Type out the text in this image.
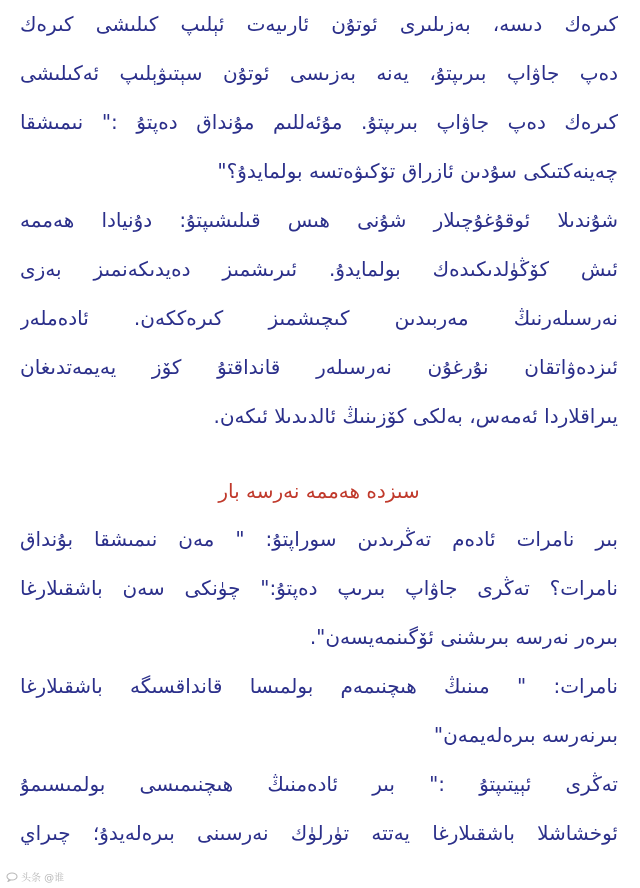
كىرەك دىسە، بەزىلىرى ئوتۇن ئارىيەت ئېلىپ كىلىشى كىرەك
دەپ جاۋاپ بىرىپتۇ، يەنە بەزىسى ئوتۇن سېتىۋېلىپ ئەكىلىشى
كىرەك دەپ جاۋاپ بىرىپتۇ. مۇئەللىم مۇنداق دەپتۇ :" نىمىشقا
چەينەكتىكى سۇدىن ئازراق تۆكىۋەتسە بولمايدۇ؟"
شۇندىلا ئوقۇغۇچىلار شۇنى ھىس قىلىشىپتۇ: دۇنيادا ھەممە
ئىش كۆڭۈلدىكىدەك بولمايدۇ. ئىرىشمىز دەيدىكەنمىز بەزى
نەرسىلەرنىڭ مەربىدىن كىچىشمىز كىرەككەن. ئادەملەر
ئىزدەۋاتقان نۇرغۇن نەرسىلەر قانداقتۇ كۆز يەيمەتدىغان
يىراقلاردا ئەمەس، بەلكى كۆزىنىڭ ئالدىدىلا ئىكەن.
سىزدە ھەممە نەرسە بار
بىر نامرات ئادەم تەڭرىدىن سوراپتۇ: " مەن نىمىشقا بۇنداق
نامرات؟ تەڭرى جاۋاپ بىرىپ دەپتۇ:" چۈنكى سەن باشقىلارغا
بىرەر نەرسە بىرىشنى ئۆگىنمەيسەن".
نامرات: " مىنىڭ ھىچنىمەم بولمىسا قانداقسىگە باشقىلارغا
بىرنەرسە بىرەلەيمەن"
تەڭرى ئېيتىپتۇ :" بىر ئادەمنىڭ ھىچنىمىسى بولمىسىمۇ
ئوخشاشلا باشقىلارغا يەتتە تۈرلۈك نەرسىنى بىرەلەيدۇ؛ چىراي
头条 @谁
